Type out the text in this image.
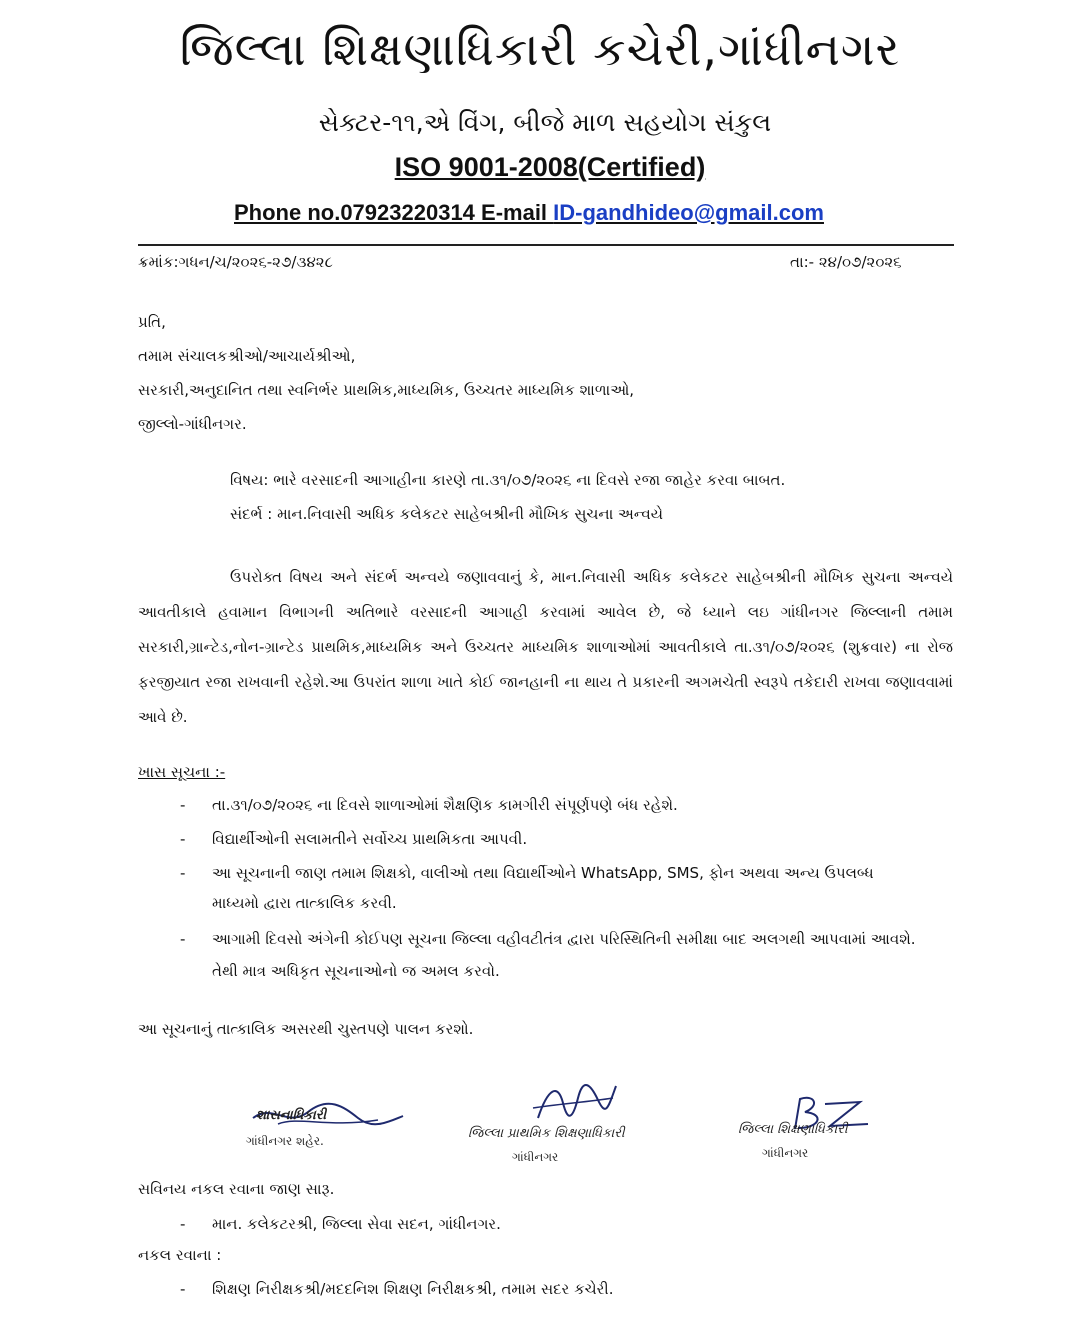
જિલ્લા શિક્ષણાધિકારી કચેરી,ગાંધીનગર
સેક્ટર-૧૧,એ વિંગ, બીજે માળ સહયોગ સંકુલ
ISO 9001-2008(Certified)
Phone no.07923220314 E-mail ID-gandhideo@gmail.com
ક્રમાંક:ગધન/ચ/૨૦૨૬-૨૭/૩૪૨૮	તા:- ૨૪/૦૭/૨૦૨૬
પ્રતિ,
તમામ સંચાલકશ્રીઓ/આચાર્યશ્રીઓ,
સરકારી,અનુદાનિત તથા સ્વનિર્ભર પ્રાથમિક,માધ્યમિક, ઉચ્ચતર માધ્યમિક શાળાઓ,
જીલ્લો-ગાંધીનગર.
વિષય: ભારે વરસાદની આગાહીના કારણે તા.૩૧/૦૭/૨૦૨૬ ના દિવસે રજા જાહેર કરવા બાબત.
સંદર્ભ : માન.નિવાસી અધિક કલેકટર સાહેબશ્રીની મૌખિક સુચના અન્વયે
ઉપરોક્ત વિષય અને સંદર્ભ અન્વયે જણાવવાનું કે, માન.નિવાસી અધિક કલેકટર સાહેબશ્રીની મૌખિક સુચના અન્વયે આવતીકાલે હવામાન વિભાગની અતિભારે વરસાદની આગાહી કરવામાં આવેલ છે, જે ધ્યાને લઇ ગાંધીનગર જિલ્લાની તમામ સરકારી,ગ્રાન્ટેડ,નોન-ગ્રાન્ટેડ પ્રાથમિક,માધ્યમિક અને ઉચ્ચતર માધ્યમિક શાળાઓમાં આવતીકાલે તા.૩૧/૦૭/૨૦૨૬ (શુક્રવાર) ના રોજ ફરજીયાત રજા રાખવાની રહેશે.આ ઉપરાંત શાળા ખાતે કોઈ જાનહાની ના થાય તે પ્રકારની અગમચેતી સ્વરૂપે તકેદારી રાખવા જણાવવામાં આવે છે.
ખાસ સૂચના :-
- તા.૩૧/૦૭/૨૦૨૬ ના દિવસે શાળાઓમાં શૈક્ષણિક કામગીરી સંપૂર્ણપણે બંધ રહેશે.
- વિદ્યાર્થીઓની સલામતીને સર્વોચ્ચ પ્રાથમિકતા આપવી.
- આ સૂચનાની જાણ તમામ શિક્ષકો, વાલીઓ તથા વિદ્યાર્થીઓને WhatsApp, SMS, ફોન અથવા અન્ય ઉપલબ્ધ
માધ્યમો દ્વારા તાત્કાલિક કરવી.
- આગામી દિવસો અંગેની કોઈપણ સૂચના જિલ્લા વહીવટીતંત્ર દ્વારા પરિસ્થિતિની સમીક્ષા બાદ અલગથી આપવામાં આવશે.
તેથી માત્ર અધિકૃત સૂચનાઓનો જ અમલ કરવો.
આ સૂચનાનું તાત્કાલિક અસરથી ચુસ્તપણે પાલન કરશો.
શાસનાધિકારી
ગાંધીનગર શહેર.	જિલ્લા પ્રાથમિક શિક્ષણાધિકારી
ગાંધીનગર
જિલ્લા શિક્ષણાધિકારી
ગાંધીનગર
સવિનય નકલ રવાના જાણ સારૂ.
- માન. કલેકટરશ્રી, જિલ્લા સેવા સદન, ગાંધીનગર.
નકલ રવાના :
- શિક્ષણ નિરીક્ષકશ્રી/મદદનિશ શિક્ષણ નિરીક્ષકશ્રી, તમામ સદર કચેરી.
